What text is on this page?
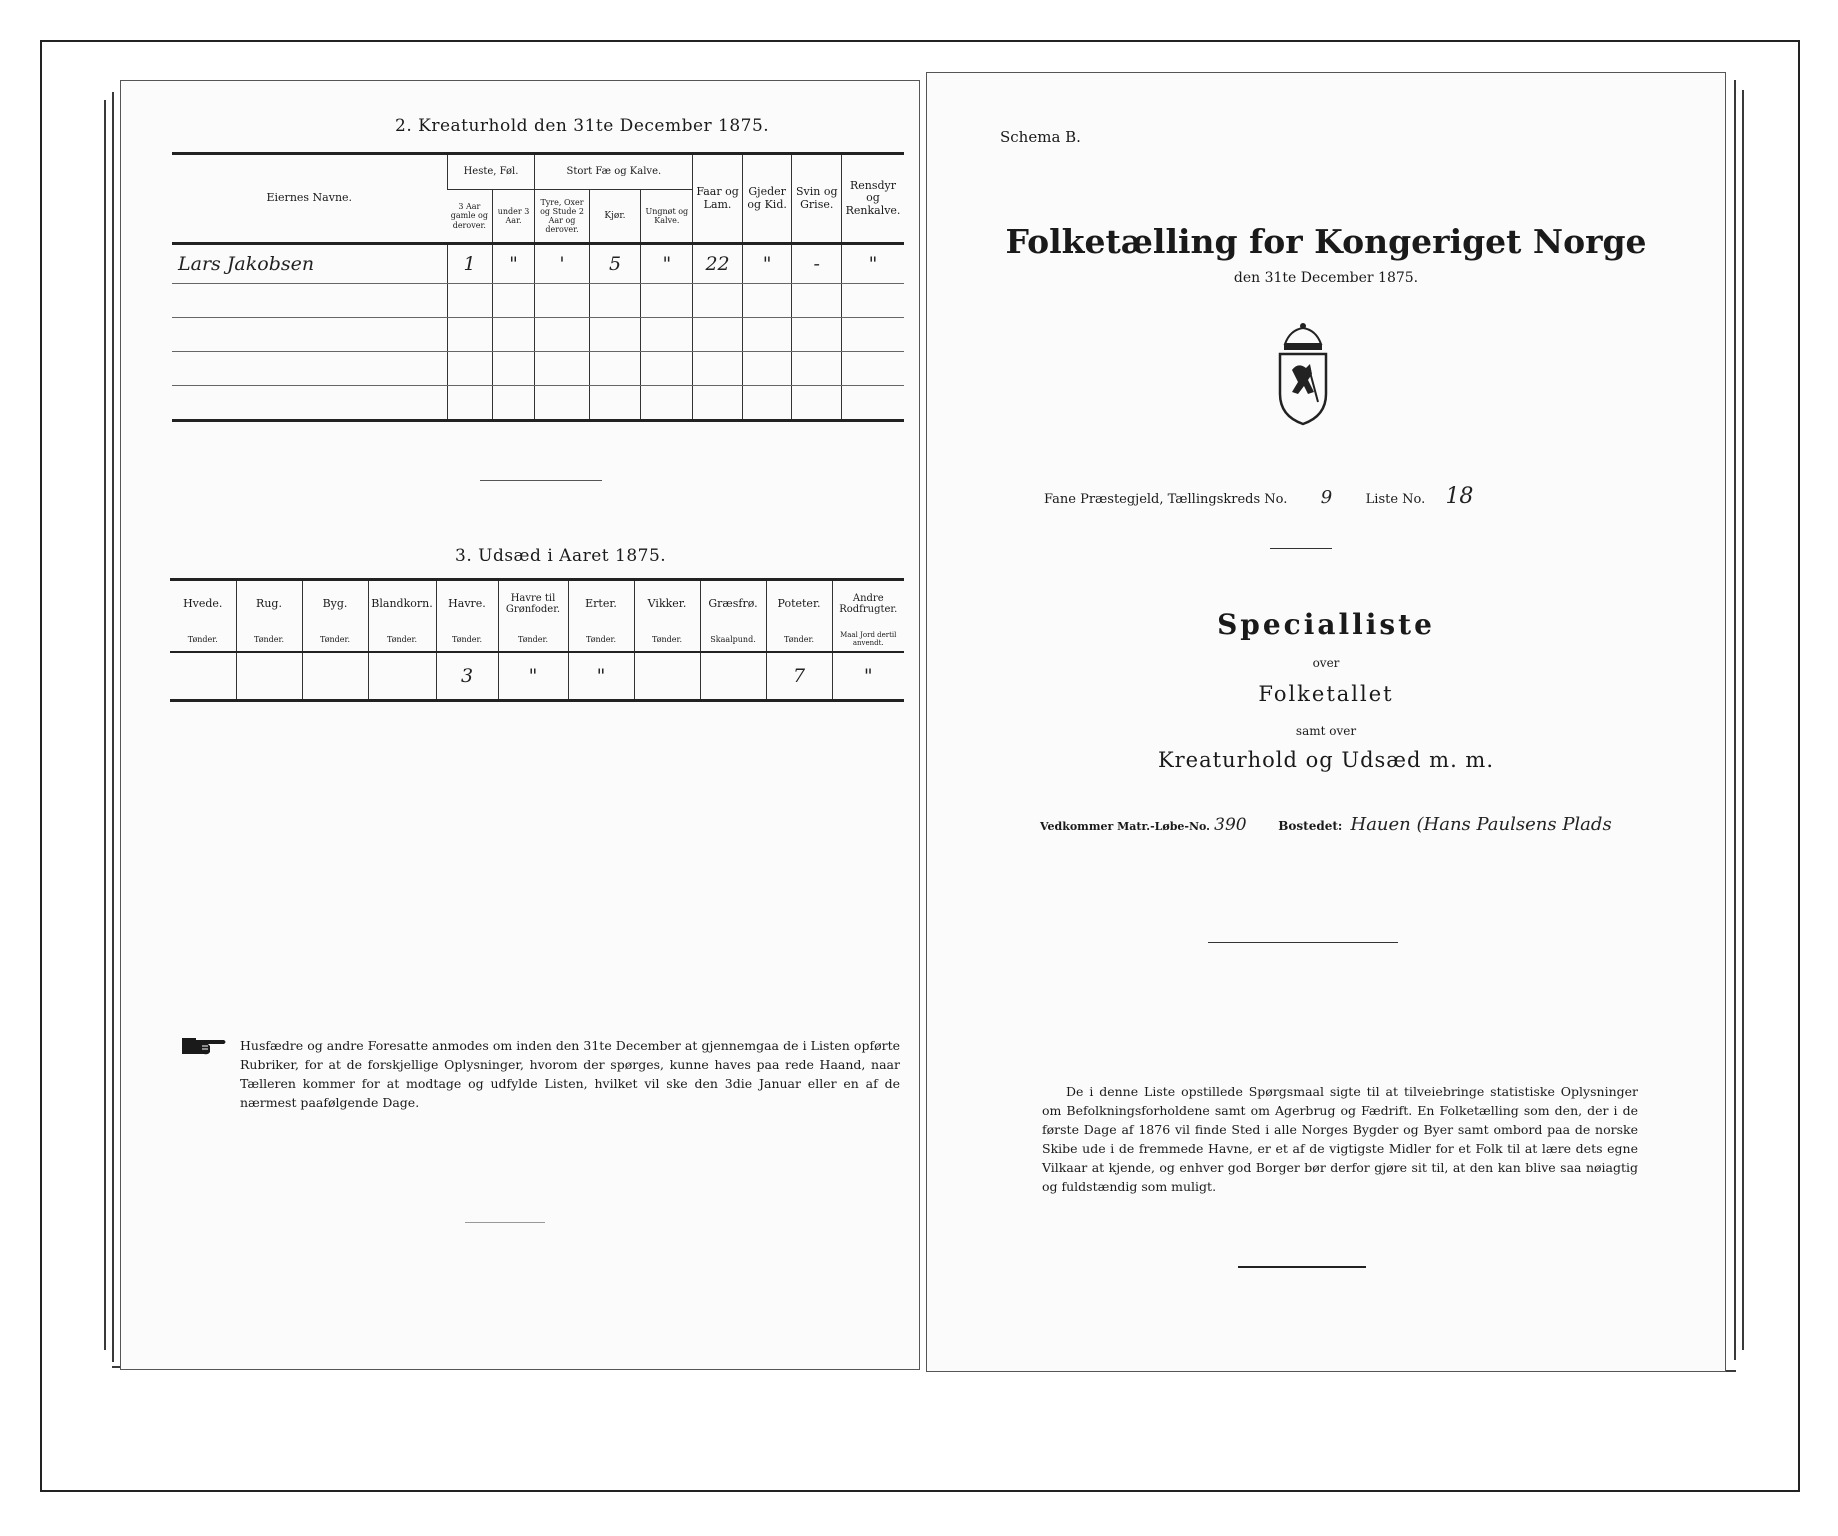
2. Kreaturhold den 31te December 1875.
Eiernes Navne.	Heste, Føl.		Stort Fæ og Kalve.			Faar og Lam.	Gjeder og Kid.	Svin og Grise.	Rensdyr og Renkalve.
	3 Aar gamle og derover.	under 3 Aar.	Tyre, Oxer og Stude 2 Aar og derover.	Kjør.	Ungnøt og Kalve.				
Lars Jakobsen	1	"	'	5	"	22	"	-	"

3. Udsæd i Aaret 1875.
Hvede.	Rug.	Byg.	Blandkorn.	Havre.	Havre til Grønfoder.	Erter.	Vikker.	Græsfrø.	Poteter.	Andre Rodfrugter.
Tønder.	Tønder.	Tønder.	Tønder.	Tønder.	Tønder.	Tønder.	Tønder.	Skaalpund.	Tønder.	Maal Jord dertil anvendt.
				3	"	"			7	"
Husfædre og andre Foresatte anmodes om inden den 31te December at gjennemgaa de i Listen opførte Rubriker, for at de forskjellige Oplysninger, hvorom der spørges, kunne haves paa rede Haand, naar Tælleren kommer for at modtage og udfylde Listen, hvilket vil ske den 3die Januar eller en af de nærmest paafølgende Dage.
Schema B.
Folketælling for Kongeriget Norge
den 31te December 1875.
Fane Præstegjeld, Tællingskreds No. 9	Liste No. 18
Specialliste
over
Folketallet
samt over
Kreaturhold og Udsæd m. m.
Vedkommer Matr.-Løbe-No. 390	Bostedet: Hauen (Hans Paulsens Plads
De i denne Liste opstillede Spørgsmaal sigte til at tilveiebringe statistiske Oplysninger om Befolkningsforholdene samt om Agerbrug og Fædrift. En Folketælling som den, der i de første Dage af 1876 vil finde Sted i alle Norges Bygder og Byer samt ombord paa de norske Skibe ude i de fremmede Havne, er et af de vigtigste Midler for et Folk til at lære dets egne Vilkaar at kjende, og enhver god Borger bør derfor gjøre sit til, at den kan blive saa nøiagtig og fuldstændig som muligt.
